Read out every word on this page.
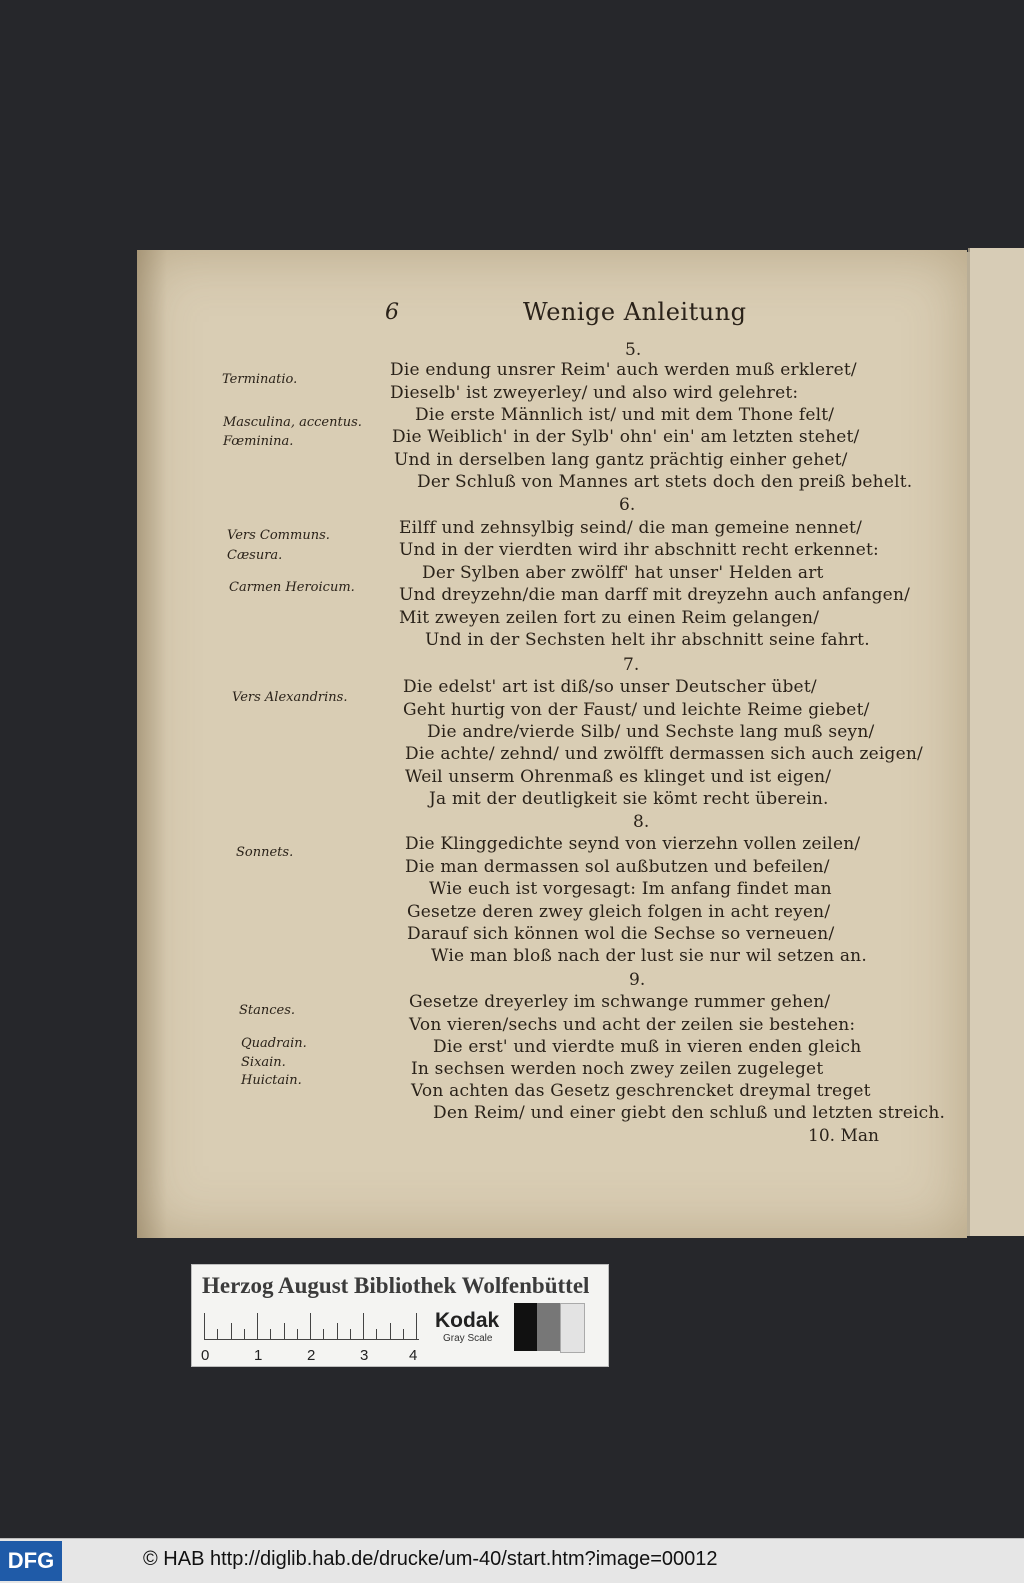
6	Wenige Anleitung
5.
Die endung unsrer Reim' auch werden muß erkleret/
Dieselb' ist zweyerley/ und also wird gelehret:
Die erste Männlich ist/ und mit dem Thone felt/
Die Weiblich' in der Sylb' ohn' ein' am letzten stehet/
Und in derselben lang gantz prächtig einher gehet/
Der Schluß von Mannes art stets doch den preiß behelt.
6.
Eilff und zehnsylbig seind/ die man gemeine nennet/
Und in der vierdten wird ihr abschnitt recht erkennet:
Der Sylben aber zwölff' hat unser' Helden art
Und dreyzehn/die man darff mit dreyzehn auch anfangen/
Mit zweyen zeilen fort zu einen Reim gelangen/
Und in der Sechsten helt ihr abschnitt seine fahrt.
7.
Die edelst' art ist diß/so unser Deutscher übet/
Geht hurtig von der Faust/ und leichte Reime giebet/
Die andre/vierde Silb/ und Sechste lang muß seyn/
Die achte/ zehnd/ und zwölfft dermassen sich auch zeigen/
Weil unserm Ohrenmaß es klinget und ist eigen/
Ja mit der deutligkeit sie kömt recht überein.
8.
Die Klinggedichte seynd von vierzehn vollen zeilen/
Die man dermassen sol außbutzen und befeilen/
Wie euch ist vorgesagt: Im anfang findet man
Gesetze deren zwey gleich folgen in acht reyen/
Darauf sich können wol die Sechse so verneuen/
Wie man bloß nach der lust sie nur wil setzen an.
9.
Gesetze dreyerley im schwange rummer gehen/
Von vieren/sechs und acht der zeilen sie bestehen:
Die erst' und vierdte muß in vieren enden gleich
In sechsen werden noch zwey zeilen zugeleget
Von achten das Gesetz geschrencket dreymal treget
Den Reim/ und einer giebt den schluß und letzten streich.
10. Man
Terminatio.
Masculina, accentus.
Fœminina.
Vers Communs.
Cæsura.
Carmen Heroicum.
Vers Alexandrins.
Sonnets.
Stances.
Quadrain.
Sixain.
Huictain.
Herzog August Bibliothek Wolfenbüttel
0	1	2	3	4
Kodak
Gray Scale
DFG	© HAB http://diglib.hab.de/drucke/um-40/start.htm?image=00012
